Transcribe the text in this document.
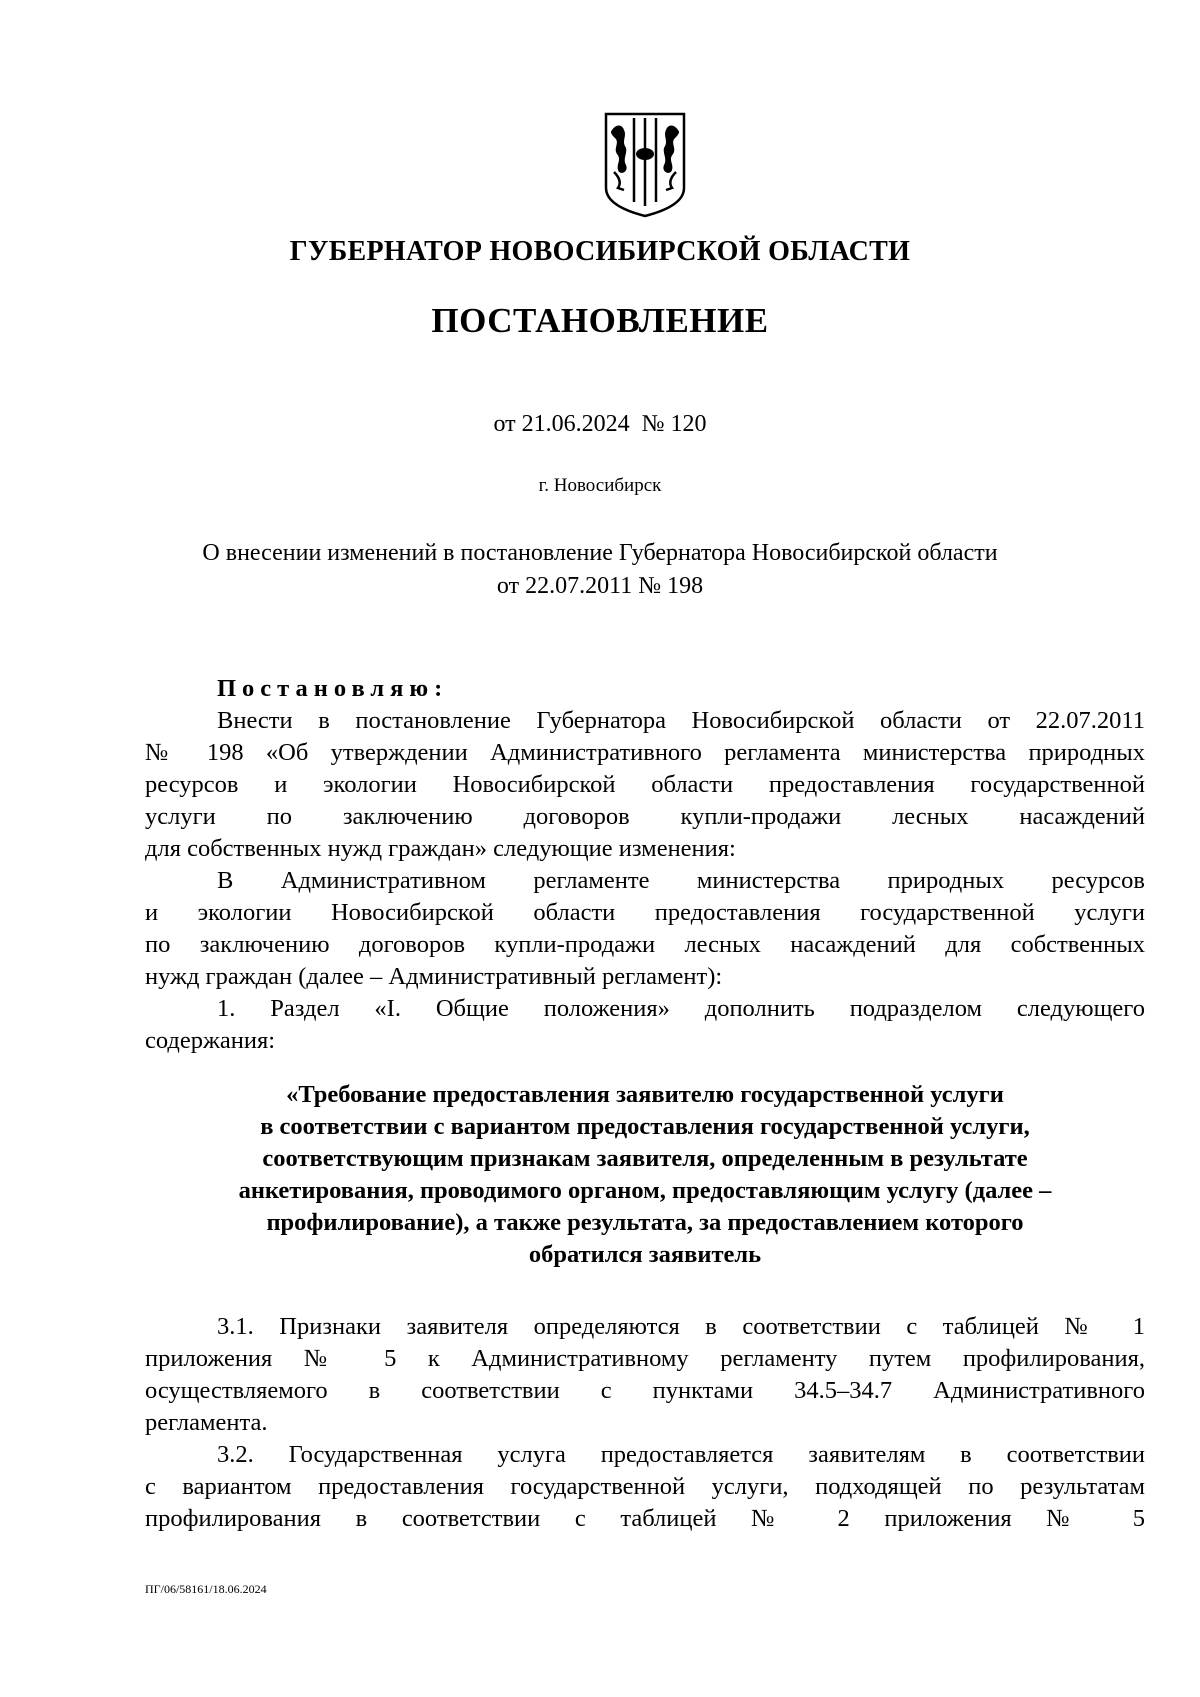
ГУБЕРНАТОР НОВОСИБИРСКОЙ ОБЛАСТИ
ПОСТАНОВЛЕНИЕ
от 21.06.2024  № 120
г. Новосибирск

О внесении изменений в постановление Губернатора Новосибирской области

от 22.07.2011 № 198

Постановляю:

Внести в постановление Губернатора Новосибирской области от 22.07.2011

№ 198 «Об утверждении Административного регламента министерства природных

ресурсов и экологии Новосибирской области предоставления государственной

услуги по заключению договоров купли-продажи лесных насаждений

для собственных нужд граждан» следующие изменения:

В Административном регламенте министерства природных ресурсов

и экологии Новосибирской области предоставления государственной услуги

по заключению договоров купли-продажи лесных насаждений для собственных

нужд граждан (далее – Административный регламент):

1. Раздел «I. Общие положения» дополнить подразделом следующего

содержания:

«Требование предоставления заявителю государственной услуги

в соответствии с вариантом предоставления государственной услуги,

соответствующим признакам заявителя, определенным в результате

анкетирования, проводимого органом, предоставляющим услугу (далее –

профилирование), а также результата, за предоставлением которого

обратился заявитель

3.1. Признаки заявителя определяются в соответствии с таблицей № 1

приложения № 5 к Административному регламенту путем профилирования,

осуществляемого в соответствии с пунктами 34.5–34.7 Административного

регламента.

3.2. Государственная услуга предоставляется заявителям в соответствии

с вариантом предоставления государственной услуги, подходящей по результатам

профилирования в соответствии с таблицей № 2 приложения № 5

ПГ/06/58161/18.06.2024
